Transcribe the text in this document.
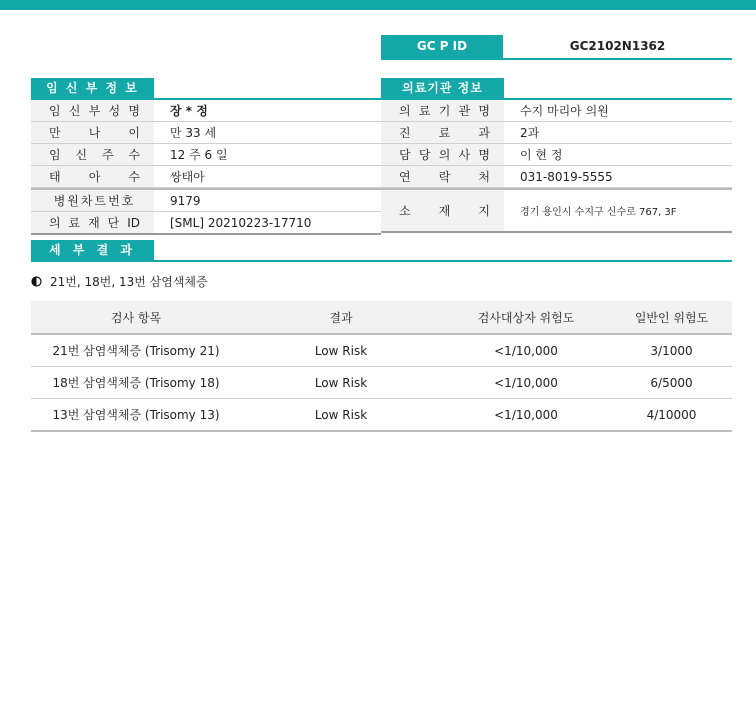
GC P ID	GC2102N1362
임 신 부 정 보
임 신 부 성 명	장 * 정
만 나 이	만 33 세
임 신 주 수	12 주 6 일
태 아 수	쌍태아
병원차트번호	9179
의 료 재 단 ID	[SML] 20210223-17710
의료기관 정보
의 료 기 관 명	수지 마리아 의원
진 료 과	2과
담 당 의 사 명	이 현 정
연 락 처	031-8019-5555
소 재 지	경기 용인시 수지구 신수로 767, 3F
세 부 결 과
21번, 18번, 13번 삼염색체증
검사 항목	결과	검사대상자 위험도	일반인 위험도
21번 삼염색체증 (Trisomy 21)	Low Risk	<1/10,000	3/1000
18번 삼염색체증 (Trisomy 18)	Low Risk	<1/10,000	6/5000
13번 삼염색체증 (Trisomy 13)	Low Risk	<1/10,000	4/10000
